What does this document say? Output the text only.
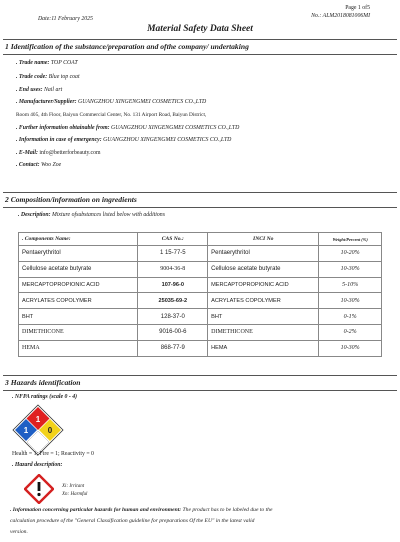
Page 1 of5
No.: ALM2018081006MI
Date:11 February 2025
Material Safety Data Sheet
1 Identification of the substance/preparation and ofthe company/ undertaking
. Trade name: TOP COAT
. Trade code: Blue top coat
. End uses: Nail art
. Manufacturer/Supplier: GUANGZHOU XINGENGMEI COSMETICS CO.,LTD
Room 405, 4th Floor, Baiyun Commercial Center, No. 131 Airport Road, Baiyun District,
. Further information obtainable from: GUANGZHOU XINGENGMEI COSMETICS CO.,LTD
. Information in case of emergency: GUANGZHOU XINGENGMEI COSMETICS CO.,LTD
. E-Mail: info@betterforbeauty.com
. Contact: Woo Zoe
2 Composition/information on ingredients
. Description: Mixture ofsubstances listed below with additions
. Components Name:	CAS No.:	INCI No	Weight/Percent (%)
Pentaerythritol	1 15-77-5	Pentaerythritol	10-20%
Cellulose acetate butyrate	9004-36-8	Cellulose acetate butyrate	10-30%
MERCAPTOPROPIONIC ACID	107-96-0	MERCAPTOPROPIONIC ACID	5-10%
ACRYLATES COPOLYMER	25035-69-2	ACRYLATES COPOLYMER	10-30%
BHT	128-37-0	BHT	0-1%
DIMETHICONE	9016-00-6	DIMETHICONE	0-2%
HEMA	868-77-9	HEMA	10-30%
3 Hazards identification
. NFPA ratings (scale 0 - 4)
1
1 0
Health = 1; Fire = 1; Reactivity = 0
. Hazard description:
Xi: Irritant
Xn: Harmful
. Information concerning particular hazards for human and environment: The product has to be labeled due to the
calculation procedure of the "General Classification guideline for preparations Of the EU" in the latest valid
version.
